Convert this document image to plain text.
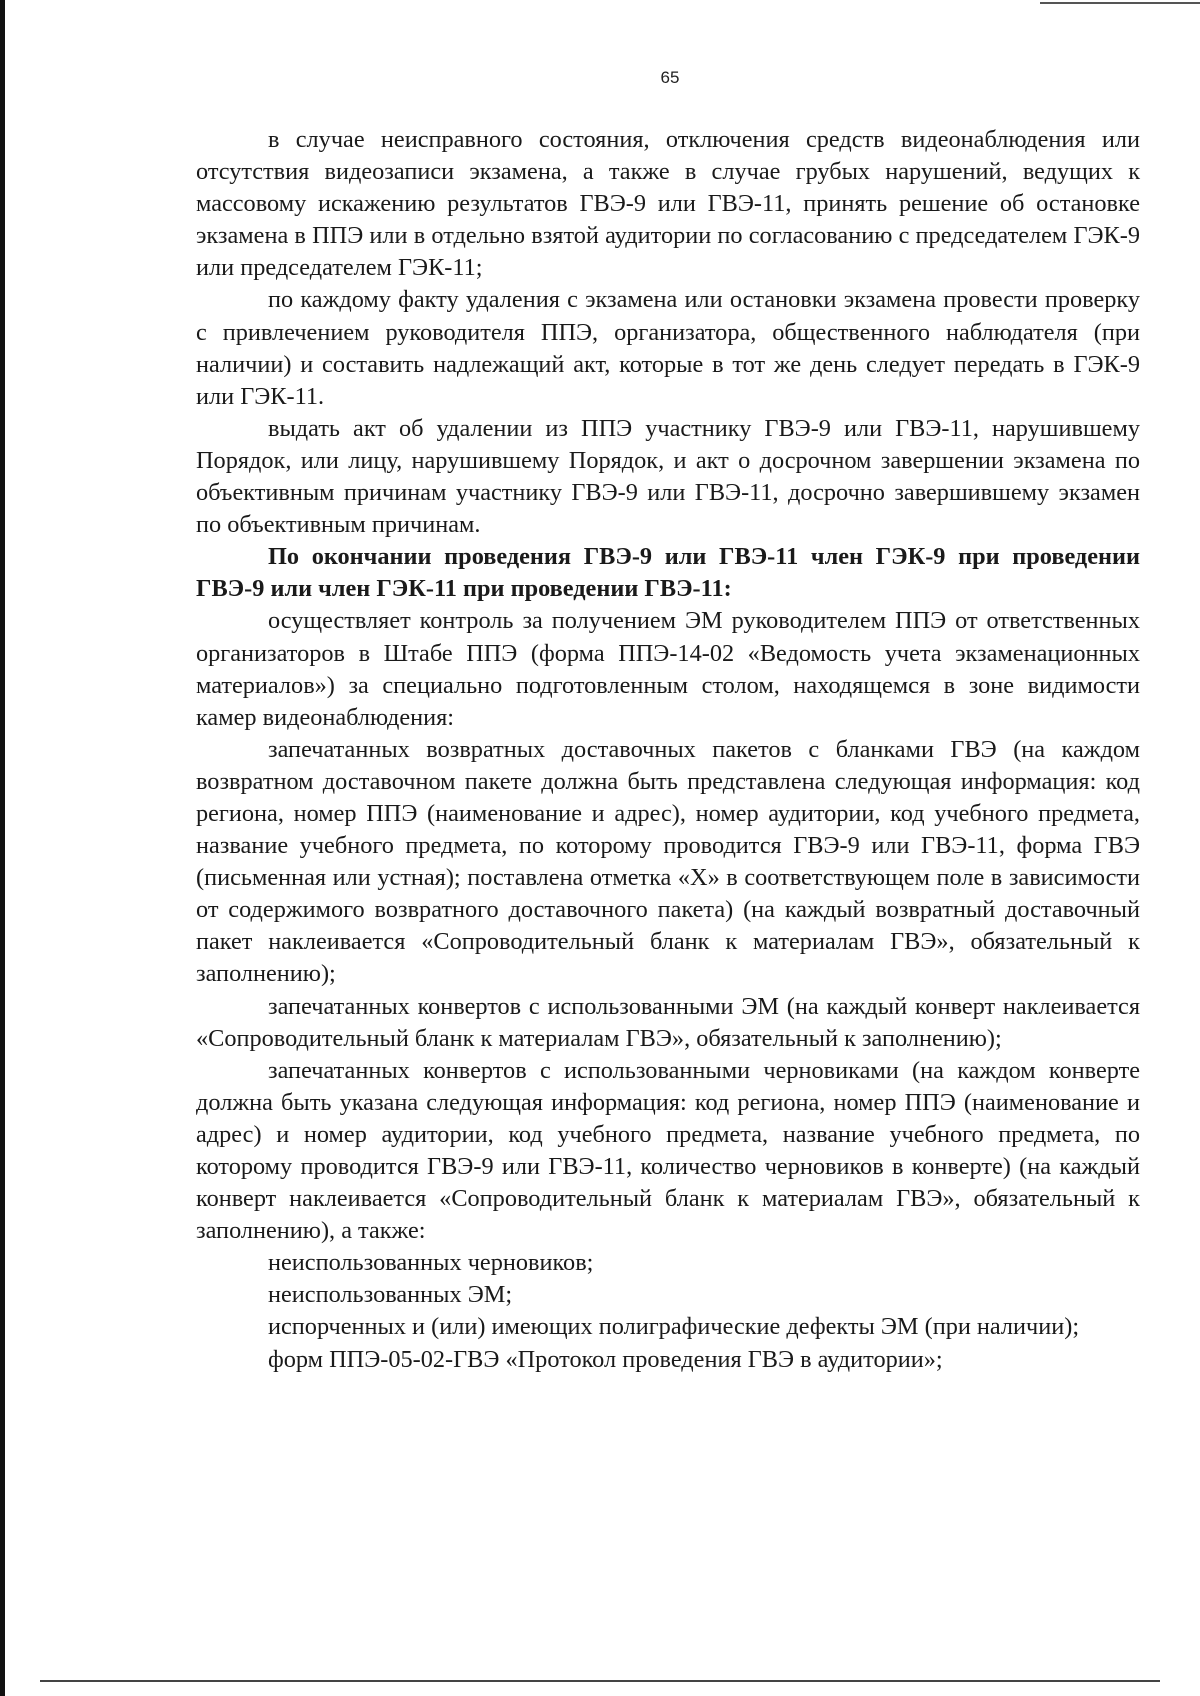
65

в случае неисправного состояния, отключения средств видеонаблюдения или отсутствия видеозаписи экзамена, а также в случае грубых нарушений, ведущих к массовому искажению результатов ГВЭ-9 или ГВЭ-11, принять решение об остановке экзамена в ППЭ или в отдельно взятой аудитории по согласованию с председателем ГЭК-9 или председателем ГЭК-11;

по каждому факту удаления с экзамена или остановки экзамена провести проверку с привлечением руководителя ППЭ, организатора, общественного наблюдателя (при наличии) и составить надлежащий акт, которые в тот же день следует передать в ГЭК-9 или ГЭК-11.

выдать акт об удалении из ППЭ участнику ГВЭ-9 или ГВЭ-11, нарушившему Порядок, или лицу, нарушившему Порядок, и акт о досрочном завершении экзамена по объективным причинам участнику ГВЭ-9 или ГВЭ-11, досрочно завершившему экзамен по объективным причинам.

По окончании проведения ГВЭ-9 или ГВЭ-11 член ГЭК-9 при проведении ГВЭ-9 или член ГЭК-11 при проведении ГВЭ-11:

осуществляет контроль за получением ЭМ руководителем ППЭ от ответственных организаторов в Штабе ППЭ (форма ППЭ-14-02 «Ведомость учета экзаменационных материалов») за специально подготовленным столом, находящемся в зоне видимости камер видеонаблюдения:

запечатанных возвратных доставочных пакетов с бланками ГВЭ (на каждом возвратном доставочном пакете должна быть представлена следующая информация: код региона, номер ППЭ (наименование и адрес), номер аудитории, код учебного предмета, название учебного предмета, по которому проводится ГВЭ-9 или ГВЭ-11, форма ГВЭ (письменная или устная); поставлена отметка «Х» в соответствующем поле в зависимости от содержимого возвратного доставочного пакета) (на каждый возвратный доставочный пакет наклеивается «Сопроводительный бланк к материалам ГВЭ», обязательный к заполнению);

запечатанных конвертов с использованными ЭМ (на каждый конверт наклеивается «Сопроводительный бланк к материалам ГВЭ», обязательный к заполнению);

запечатанных конвертов с использованными черновиками (на каждом конверте должна быть указана следующая информация: код региона, номер ППЭ (наименование и адрес) и номер аудитории, код учебного предмета, название учебного предмета, по которому проводится ГВЭ-9 или ГВЭ-11, количество черновиков в конверте) (на каждый конверт наклеивается «Сопроводительный бланк к материалам ГВЭ», обязательный к заполнению), а также:

неиспользованных черновиков;

неиспользованных ЭМ;

испорченных и (или) имеющих полиграфические дефекты ЭМ (при наличии);

форм ППЭ-05-02-ГВЭ «Протокол проведения ГВЭ в аудитории»;
